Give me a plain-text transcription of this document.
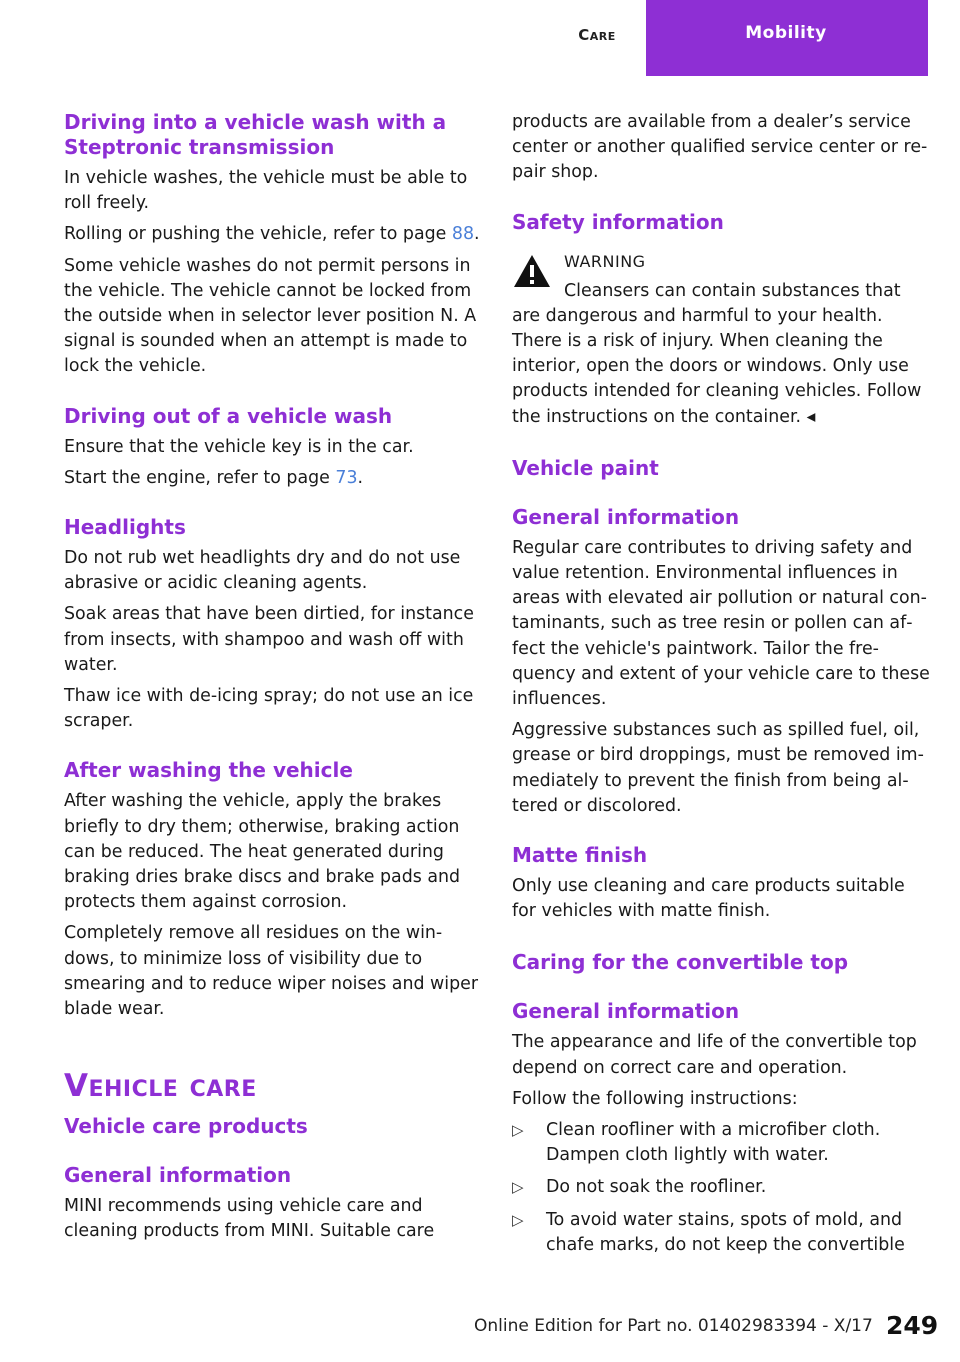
Care	Mobility
Driving into a vehicle wash with a Steptronic transmission

In vehicle washes, the vehicle must be able to roll freely.

Rolling or pushing the vehicle, refer to page 88.

Some vehicle washes do not permit persons in the vehicle. The vehicle cannot be locked from the outside when in selector lever position N. A signal is sounded when an attempt is made to lock the vehicle.

Driving out of a vehicle wash

Ensure that the vehicle key is in the car.

Start the engine, refer to page 73.

Headlights

Do not rub wet headlights dry and do not use abrasive or acidic cleaning agents.

Soak areas that have been dirtied, for instance from insects, with shampoo and wash off with water.

Thaw ice with de-icing spray; do not use an ice scraper.

After washing the vehicle

After washing the vehicle, apply the brakes briefly to dry them; otherwise, braking action can be reduced. The heat generated during braking dries brake discs and brake pads and protects them against corrosion.

Completely remove all residues on the windows, to minimize loss of visibility due to smearing and to reduce wiper noises and wiper blade wear.

Vehicle care
Vehicle care products
General information

MINI recommends using vehicle care and cleaning products from MINI. Suitable care

products are available from a dealer’s service center or another qualified service center or repair shop.

Safety information
WARNING

Cleansers can contain substances that are dangerous and harmful to your health. There is a risk of injury. When cleaning the interior, open the doors or windows. Only use products intended for cleaning vehicles. Follow the instructions on the container. ◂

Vehicle paint
General information

Regular care contributes to driving safety and value retention. Environmental influences in areas with elevated air pollution or natural contaminants, such as tree resin or pollen can affect the vehicle's paintwork. Tailor the frequency and extent of your vehicle care to these influences.

Aggressive substances such as spilled fuel, oil, grease or bird droppings, must be removed immediately to prevent the finish from being altered or discolored.

Matte finish

Only use cleaning and care products suitable for vehicles with matte finish.

Caring for the convertible top
General information

The appearance and life of the convertible top depend on correct care and operation.

Follow the following instructions:

▷ Clean roofliner with a microfiber cloth. Dampen cloth lightly with water.
▷ Do not soak the roofliner.
▷ To avoid water stains, spots of mold, and chafe marks, do not keep the convertible
Online Edition for Part no. 01402983394 - X/17 249
